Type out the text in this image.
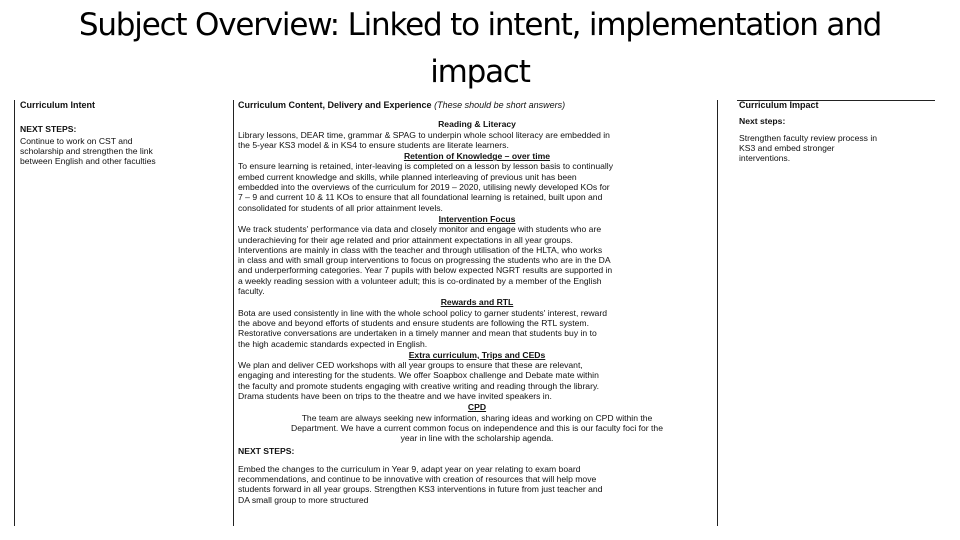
Subject Overview: Linked to intent, implementation and
impact
Curriculum Intent
NEXT STEPS:
Continue to work on CST and
scholarship and strengthen the link
between English and other faculties
Curriculum Content, Delivery and Experience (These should be short answers)
Reading & Literacy
Library lessons, DEAR time, grammar & SPAG to underpin whole school literacy are embedded in
the 5-year KS3 model & in KS4 to ensure students are literate learners.
Retention of Knowledge – over time
To ensure learning is retained, inter-leaving is completed on a lesson by lesson basis to continually
embed current knowledge and skills, while planned interleaving of previous unit has been
embedded into the overviews of the curriculum for 2019 – 2020, utilising newly developed KOs for
7 – 9 and current 10 & 11 KOs to ensure that all foundational learning is retained, built upon and
consolidated for students of all prior attainment levels.
Intervention Focus
We track students' performance via data and closely monitor and engage with students who are
underachieving for their age related and prior attainment expectations in all year groups.
Interventions are mainly in class with the teacher and through utilisation of the HLTA, who works
in class and with small group interventions to focus on progressing the students who are in the DA
and underperforming categories. Year 7 pupils with below expected NGRT results are supported in
a weekly reading session with a volunteer adult; this is co-ordinated by a member of the English
faculty.
Rewards and RTL
Bota are used consistently in line with the whole school policy to garner students' interest, reward
the above and beyond efforts of students and ensure students are following the RTL system.
Restorative conversations are undertaken in a timely manner and mean that students buy in to
the high academic standards expected in English.
Extra curriculum, Trips and CEDs
We plan and deliver CED workshops with all year groups to ensure that these are relevant,
engaging and interesting for the students. We offer Soapbox challenge and Debate mate within
the faculty and promote students engaging with creative writing and reading through the library.
Drama students have been on trips to the theatre and we have invited speakers in.
CPD
The team are always seeking new information, sharing ideas and working on CPD within the
Department. We have a current common focus on independence and this is our faculty foci for the
year in line with the scholarship agenda.
NEXT STEPS:
Embed the changes to the curriculum in Year 9, adapt year on year relating to exam board
recommendations, and continue to be innovative with creation of resources that will help move
students forward in all year groups. Strengthen KS3 interventions in future from just teacher and
DA small group to more structured
Curriculum Impact
Next steps:
Strengthen faculty review process in
KS3 and embed stronger
interventions.
